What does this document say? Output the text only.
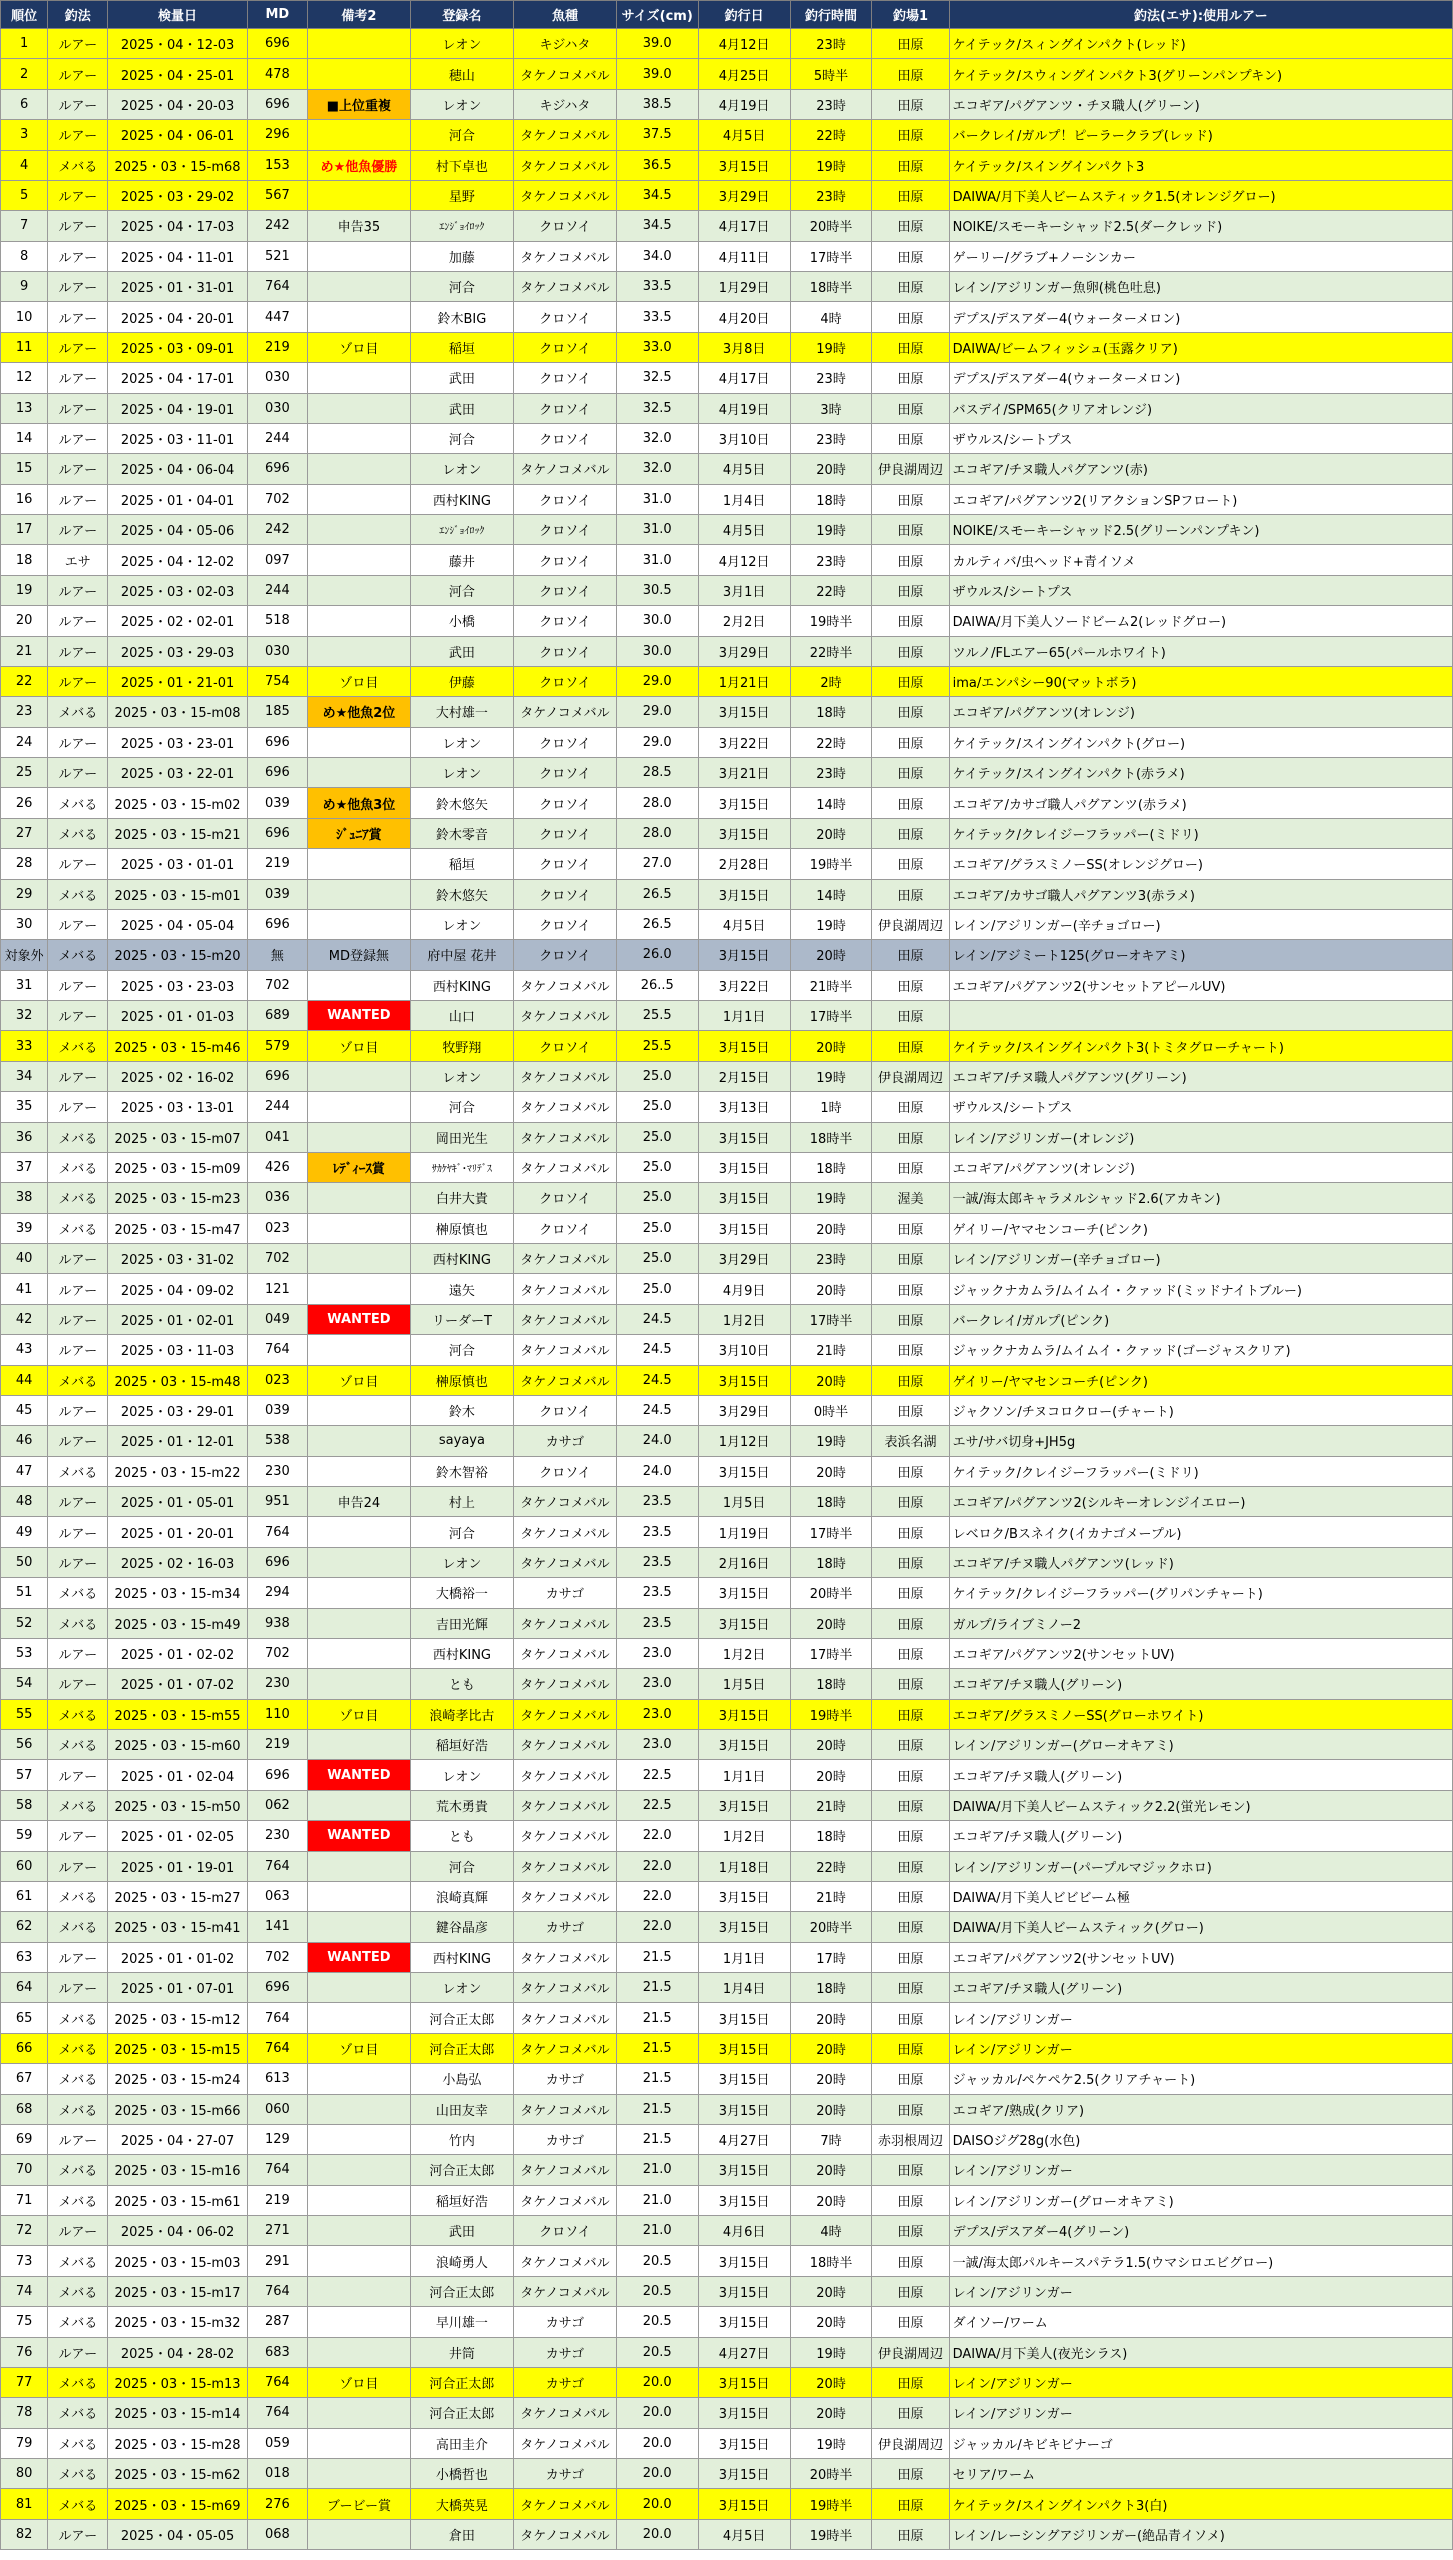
順位	釣法	検量日	MD	備考2	登録名	魚種	サイズ(cm)	釣行日	釣行時間	釣場1	釣法(エサ):使用ルアー
1	ルアー	2025・04・12-03	696		レオン	キジハタ	39.0	4月12日	23時	田原	ケイテック/スィングインパクト(レッド)
2	ルアー	2025・04・25-01	478		穂山	タケノコメバル	39.0	4月25日	5時半	田原	ケイテック/スウィングインパクト3(グリーンパンプキン)
6	ルアー	2025・04・20-03	696	■上位重複	レオン	キジハタ	38.5	4月19日	23時	田原	エコギア/パグアンツ・チヌ職人(グリーン)
3	ルアー	2025・04・06-01	296		河合	タケノコメバル	37.5	4月5日	22時	田原	バークレイ/ガルプ！ピーラークラブ(レッド)
4	メバる	2025・03・15-m68	153	め★他魚優勝	村下卓也	タケノコメバル	36.5	3月15日	19時	田原	ケイテック/スイングインパクト3
5	ルアー	2025・03・29-02	567		星野	タケノコメバル	34.5	3月29日	23時	田原	DAIWA/月下美人ビームスティック1.5(オレンジグロー)
7	ルアー	2025・04・17-03	242	申告35	ｴﾝｼﾞｮｲﾛｯｸ	クロソイ	34.5	4月17日	20時半	田原	NOIKE/スモーキーシャッド2.5(ダークレッド)
8	ルアー	2025・04・11-01	521		加藤	タケノコメバル	34.0	4月11日	17時半	田原	ゲーリー/グラブ+ノーシンカー
9	ルアー	2025・01・31-01	764		河合	タケノコメバル	33.5	1月29日	18時半	田原	レイン/アジリンガー魚卵(桃色吐息)
10	ルアー	2025・04・20-01	447		鈴木BIG	クロソイ	33.5	4月20日	4時	田原	デプス/デスアダー4(ウォーターメロン)
11	ルアー	2025・03・09-01	219	ゾロ目	稲垣	クロソイ	33.0	3月8日	19時	田原	DAIWA/ビームフィッシュ(玉露クリア)
12	ルアー	2025・04・17-01	030		武田	クロソイ	32.5	4月17日	23時	田原	デプス/デスアダー4(ウォーターメロン)
13	ルアー	2025・04・19-01	030		武田	クロソイ	32.5	4月19日	3時	田原	バスデイ/SPM65(クリアオレンジ)
14	ルアー	2025・03・11-01	244		河合	クロソイ	32.0	3月10日	23時	田原	ザウルス/シートプス
15	ルアー	2025・04・06-04	696		レオン	タケノコメバル	32.0	4月5日	20時	伊良湖周辺	エコギア/チヌ職人パグアンツ(赤)
16	ルアー	2025・01・04-01	702		西村KING	クロソイ	31.0	1月4日	18時	田原	エコギア/パグアンツ2(リアクションSPフロート)
17	ルアー	2025・04・05-06	242		ｴﾝｼﾞｮｲﾛｯｸ	クロソイ	31.0	4月5日	19時	田原	NOIKE/スモーキーシャッド2.5(グリーンパンプキン)
18	エサ	2025・04・12-02	097		藤井	クロソイ	31.0	4月12日	23時	田原	カルティバ/虫ヘッド+青イソメ
19	ルアー	2025・03・02-03	244		河合	クロソイ	30.5	3月1日	22時	田原	ザウルス/シートプス
20	ルアー	2025・02・02-01	518		小橋	クロソイ	30.0	2月2日	19時半	田原	DAIWA/月下美人ソードビーム2(レッドグロー)
21	ルアー	2025・03・29-03	030		武田	クロソイ	30.0	3月29日	22時半	田原	ツルノ/FLエアー65(パールホワイト)
22	ルアー	2025・01・21-01	754	ゾロ目	伊藤	クロソイ	29.0	1月21日	2時	田原	ima/エンパシー90(マットボラ)
23	メバる	2025・03・15-m08	185	め★他魚2位	大村雄一	タケノコメバル	29.0	3月15日	18時	田原	エコギア/パグアンツ(オレンジ)
24	ルアー	2025・03・23-01	696		レオン	クロソイ	29.0	3月22日	22時	田原	ケイテック/スイングインパクト(グロー)
25	ルアー	2025・03・22-01	696		レオン	クロソイ	28.5	3月21日	23時	田原	ケイテック/スイングインパクト(赤ラメ)
26	メバる	2025・03・15-m02	039	め★他魚3位	鈴木悠矢	クロソイ	28.0	3月15日	14時	田原	エコギア/カサゴ職人パグアンツ(赤ラメ)
27	メバる	2025・03・15-m21	696	ｼﾞｭﾆｱ賞	鈴木零音	クロソイ	28.0	3月15日	20時	田原	ケイテック/クレイジーフラッパー(ミドリ)
28	ルアー	2025・03・01-01	219		稲垣	クロソイ	27.0	2月28日	19時半	田原	エコギア/グラスミノーSS(オレンジグロー)
29	メバる	2025・03・15-m01	039		鈴木悠矢	クロソイ	26.5	3月15日	14時	田原	エコギア/カサゴ職人パグアンツ3(赤ラメ)
30	ルアー	2025・04・05-04	696		レオン	クロソイ	26.5	4月5日	19時	伊良湖周辺	レイン/アジリンガー(辛チョゴロー)
対象外	メバる	2025・03・15-m20	無	MD登録無	府中屋 花井	クロソイ	26.0	3月15日	20時	田原	レイン/アジミート125(グローオキアミ)
31	ルアー	2025・03・23-03	702		西村KING	タケノコメバル	26..5	3月22日	21時半	田原	エコギア/パグアンツ2(サンセットアピールUV)
32	ルアー	2025・01・01-03	689	WANTED	山口	タケノコメバル	25.5	1月1日	17時半	田原	
33	メバる	2025・03・15-m46	579	ゾロ目	牧野翔	クロソイ	25.5	3月15日	20時	田原	ケイテック/スイングインパクト3(トミタグローチャート)
34	ルアー	2025・02・16-02	696		レオン	タケノコメバル	25.0	2月15日	19時	伊良湖周辺	エコギア/チヌ職人パグアンツ(グリーン)
35	ルアー	2025・03・13-01	244		河合	タケノコメバル	25.0	3月13日	1時	田原	ザウルス/シートプス
36	メバる	2025・03・15-m07	041		岡田光生	タケノコメバル	25.0	3月15日	18時半	田原	レイン/アジリンガー(オレンジ)
37	メバる	2025・03・15-m09	426	ﾚﾃﾞｨｰｽ賞	ｻｶｹﾔｷﾞ･ﾏﾘﾃﾞｽ	タケノコメバル	25.0	3月15日	18時	田原	エコギア/パグアンツ(オレンジ)
38	メバる	2025・03・15-m23	036		白井大貴	クロソイ	25.0	3月15日	19時	渥美	一誠/海太郎キャラメルシャッド2.6(アカキン)
39	メバる	2025・03・15-m47	023		榊原慎也	クロソイ	25.0	3月15日	20時	田原	ゲイリー/ヤマセンコーチ(ピンク)
40	ルアー	2025・03・31-02	702		西村KING	タケノコメバル	25.0	3月29日	23時	田原	レイン/アジリンガー(辛チョゴロー)
41	ルアー	2025・04・09-02	121		遠矢	タケノコメバル	25.0	4月9日	20時	田原	ジャックナカムラ/ムイムイ・クァッド(ミッドナイトブルー)
42	ルアー	2025・01・02-01	049	WANTED	リーダーT	タケノコメバル	24.5	1月2日	17時半	田原	バークレイ/ガルプ(ピンク)
43	ルアー	2025・03・11-03	764		河合	タケノコメバル	24.5	3月10日	21時	田原	ジャックナカムラ/ムイムイ・クァッド(ゴージャスクリア)
44	メバる	2025・03・15-m48	023	ゾロ目	榊原慎也	タケノコメバル	24.5	3月15日	20時	田原	ゲイリー/ヤマセンコーチ(ピンク)
45	ルアー	2025・03・29-01	039		鈴木	クロソイ	24.5	3月29日	0時半	田原	ジャクソン/チヌコロクロー(チャート)
46	ルアー	2025・01・12-01	538		sayaya	カサゴ	24.0	1月12日	19時	表浜名湖	エサ/サバ切身+JH5g
47	メバる	2025・03・15-m22	230		鈴木智裕	クロソイ	24.0	3月15日	20時	田原	ケイテック/クレイジーフラッパー(ミドリ)
48	ルアー	2025・01・05-01	951	申告24	村上	タケノコメバル	23.5	1月5日	18時	田原	エコギア/パグアンツ2(シルキーオレンジイエロー)
49	ルアー	2025・01・20-01	764		河合	タケノコメバル	23.5	1月19日	17時半	田原	レベロク/Bスネイク(イカナゴメープル)
50	ルアー	2025・02・16-03	696		レオン	タケノコメバル	23.5	2月16日	18時	田原	エコギア/チヌ職人パグアンツ(レッド)
51	メバる	2025・03・15-m34	294		大橋裕一	カサゴ	23.5	3月15日	20時半	田原	ケイテック/クレイジーフラッパー(グリパンチャート)
52	メバる	2025・03・15-m49	938		吉田光輝	タケノコメバル	23.5	3月15日	20時	田原	ガルプ/ライブミノー2
53	ルアー	2025・01・02-02	702		西村KING	タケノコメバル	23.0	1月2日	17時半	田原	エコギア/パグアンツ2(サンセットUV)
54	ルアー	2025・01・07-02	230		とも	タケノコメバル	23.0	1月5日	18時	田原	エコギア/チヌ職人(グリーン)
55	メバる	2025・03・15-m55	110	ゾロ目	浪崎孝比古	タケノコメバル	23.0	3月15日	19時半	田原	エコギア/グラスミノーSS(グローホワイト)
56	メバる	2025・03・15-m60	219		稲垣好浩	タケノコメバル	23.0	3月15日	20時	田原	レイン/アジリンガー(グローオキアミ)
57	ルアー	2025・01・02-04	696	WANTED	レオン	タケノコメバル	22.5	1月1日	20時	田原	エコギア/チヌ職人(グリーン)
58	メバる	2025・03・15-m50	062		荒木勇貴	タケノコメバル	22.5	3月15日	21時	田原	DAIWA/月下美人ビームスティック2.2(蛍光レモン)
59	ルアー	2025・01・02-05	230	WANTED	とも	タケノコメバル	22.0	1月2日	18時	田原	エコギア/チヌ職人(グリーン)
60	ルアー	2025・01・19-01	764		河合	タケノコメバル	22.0	1月18日	22時	田原	レイン/アジリンガー(パープルマジックホロ)
61	メバる	2025・03・15-m27	063		浪崎真輝	タケノコメバル	22.0	3月15日	21時	田原	DAIWA/月下美人ビビビーム極
62	メバる	2025・03・15-m41	141		鍵谷晶彦	カサゴ	22.0	3月15日	20時半	田原	DAIWA/月下美人ビームスティック(グロー)
63	ルアー	2025・01・01-02	702	WANTED	西村KING	タケノコメバル	21.5	1月1日	17時	田原	エコギア/パグアンツ2(サンセットUV)
64	ルアー	2025・01・07-01	696		レオン	タケノコメバル	21.5	1月4日	18時	田原	エコギア/チヌ職人(グリーン)
65	メバる	2025・03・15-m12	764		河合正太郎	タケノコメバル	21.5	3月15日	20時	田原	レイン/アジリンガー
66	メバる	2025・03・15-m15	764	ゾロ目	河合正太郎	タケノコメバル	21.5	3月15日	20時	田原	レイン/アジリンガー
67	メバる	2025・03・15-m24	613		小島弘	カサゴ	21.5	3月15日	20時	田原	ジャッカル/ペケペケ2.5(クリアチャート)
68	メバる	2025・03・15-m66	060		山田友幸	タケノコメバル	21.5	3月15日	20時	田原	エコギア/熟成(クリア)
69	ルアー	2025・04・27-07	129		竹内	カサゴ	21.5	4月27日	7時	赤羽根周辺	DAISOジグ28g(水色)
70	メバる	2025・03・15-m16	764		河合正太郎	タケノコメバル	21.0	3月15日	20時	田原	レイン/アジリンガー
71	メバる	2025・03・15-m61	219		稲垣好浩	タケノコメバル	21.0	3月15日	20時	田原	レイン/アジリンガー(グローオキアミ)
72	ルアー	2025・04・06-02	271		武田	クロソイ	21.0	4月6日	4時	田原	デプス/デスアダー4(グリーン)
73	メバる	2025・03・15-m03	291		浪崎勇人	タケノコメバル	20.5	3月15日	18時半	田原	一誠/海太郎パルキースパテラ1.5(ウマシロエビグロー)
74	メバる	2025・03・15-m17	764		河合正太郎	タケノコメバル	20.5	3月15日	20時	田原	レイン/アジリンガー
75	メバる	2025・03・15-m32	287		早川雄一	カサゴ	20.5	3月15日	20時	田原	ダイソー/ワーム
76	ルアー	2025・04・28-02	683		井筒	カサゴ	20.5	4月27日	19時	伊良湖周辺	DAIWA/月下美人(夜光シラス)
77	メバる	2025・03・15-m13	764	ゾロ目	河合正太郎	カサゴ	20.0	3月15日	20時	田原	レイン/アジリンガー
78	メバる	2025・03・15-m14	764		河合正太郎	タケノコメバル	20.0	3月15日	20時	田原	レイン/アジリンガー
79	メバる	2025・03・15-m28	059		高田圭介	タケノコメバル	20.0	3月15日	19時	伊良湖周辺	ジャッカル/キビキビナーゴ
80	メバる	2025・03・15-m62	018		小橋哲也	カサゴ	20.0	3月15日	20時半	田原	セリア/ワーム
81	メバる	2025・03・15-m69	276	ブービー賞	大橋英晃	タケノコメバル	20.0	3月15日	19時半	田原	ケイテック/スイングインパクト3(白)
82	ルアー	2025・04・05-05	068		倉田	タケノコメバル	20.0	4月5日	19時半	田原	レイン/レーシングアジリンガー(絶品青イソメ)
